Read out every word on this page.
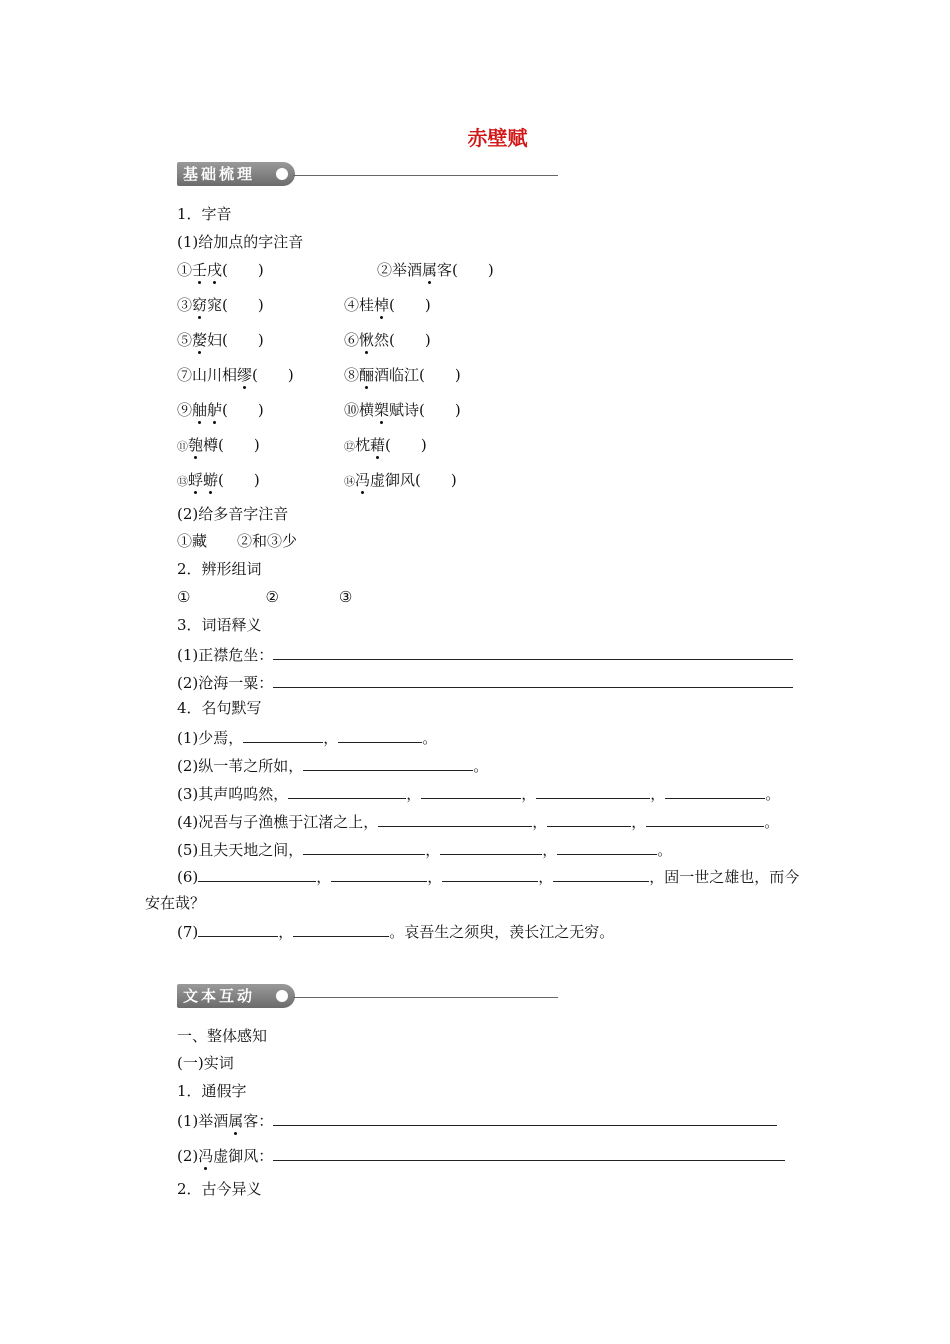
赤壁赋
基础梳理
1．字音
(1)给加点的字注音
①壬戌(　　)	②举酒属客(　　)
③窈窕(　　)	④桂棹(　　)
⑤嫠妇(　　)	⑥愀然(　　)
⑦山川相缪(　　)	⑧酾酒临江(　　)
⑨舳舻(　　)	⑩横槊赋诗(　　)
⑪匏樽(　　)	⑫枕藉(　　)
⑬蜉蝣(　　)	⑭冯虚御风(　　)
(2)给多音字注音
①藏　　②和③少
2．辨形组词
①　　　　　②　　　　③
3．词语释义
(1)正襟危坐：
(2)沧海一粟：
4．名句默写
(1)少焉，	，	。
(2)纵一苇之所如，	。
(3)其声呜呜然，	，	，	，	。
(4)况吾与子渔樵于江渚之上，	，	，	。
(5)且夫天地之间，	，	，	。
(6)	，	，	，	，固一世之雄也，而今
安在哉？
(7)	，	。哀吾生之须臾，羡长江之无穷。
文本互动
一、整体感知
(一)实词
1．通假字
(1)举酒属客：
(2)冯虚御风：
2．古今异义
